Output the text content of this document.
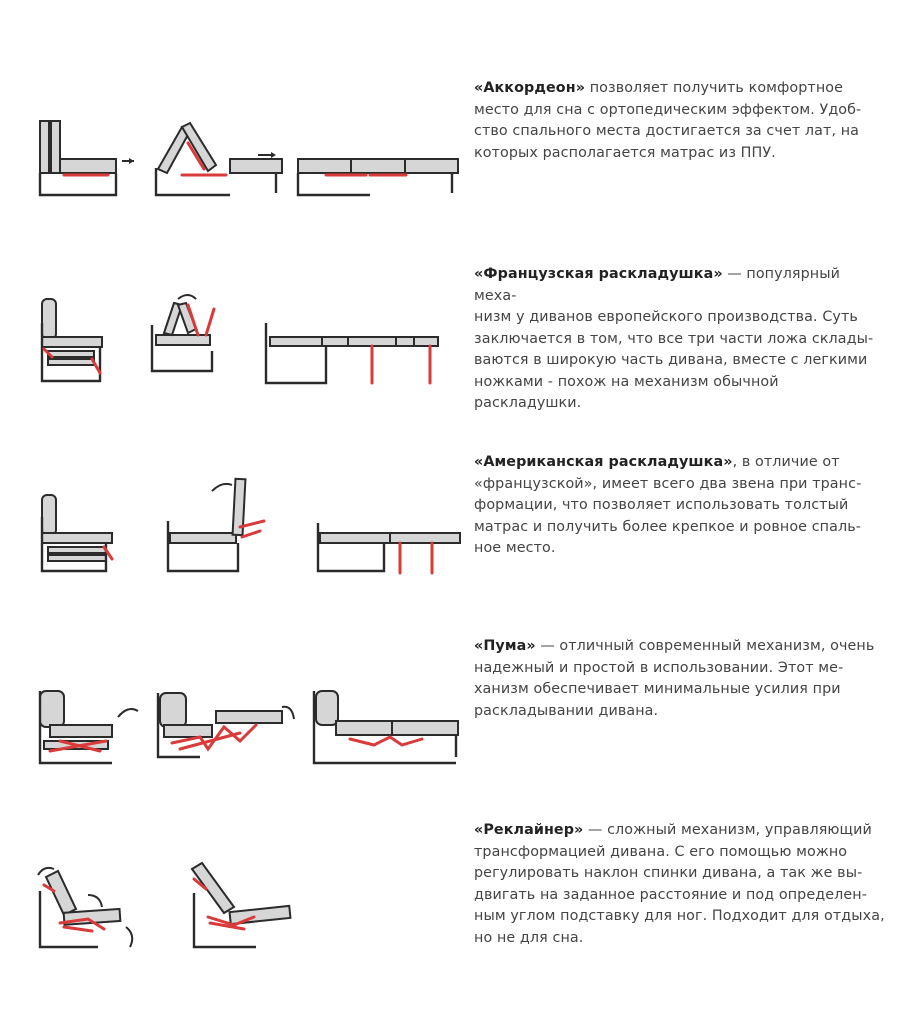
«Аккордеон» позволяет получить комфортное
место для сна с ортопедическим эффектом. Удоб-
ство спального места достигается за счет лат, на
которых располагается матрас из ППУ.

«Французская раскладушка» — популярный меха-
низм у диванов европейского производства. Суть
заключается в том, что все три части ложа склады-
ваются в широкую часть дивана, вместе с легкими
ножками - похож на механизм обычной
раскладушки.

«Американская раскладушка», в отличие от
«французской», имеет всего два звена при транс-
формации, что позволяет использовать толстый
матрас и получить более крепкое и ровное спаль-
ное место.

«Пума» — отличный современный механизм, очень
надежный и простой в использовании. Этот ме-
ханизм обеспечивает минимальные усилия при
раскладывании дивана.

«Реклайнер» — сложный механизм, управляющий
трансформацией дивана. С его помощью можно
регулировать наклон спинки дивана, а так же вы-
двигать на заданное расстояние и под определен-
ным углом подставку для ног. Подходит для отдыха,
но не для сна.
